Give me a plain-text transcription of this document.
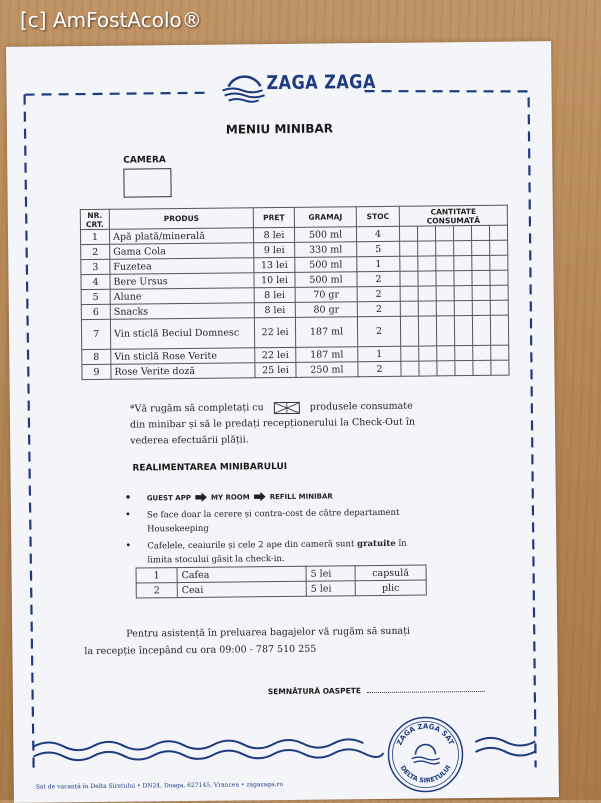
[c] AmFostAcolo®
ZAGA ZAGA
MENIU MINIBAR
CAMERA
NR. CRT.	PRODUS	PREȚ	GRAMAJ	STOC	CANTITATE CONSUMATĂ					
1	Apă plată/minerală	8 lei	500 ml	4						
2	Gama Cola	9 lei	330 ml	5						
3	Fuzetea	13 lei	500 ml	1						
4	Bere Ursus	10 lei	500 ml	2						
5	Alune	8 lei	70 gr	2						
6	Snacks	8 lei	80 gr	2						
7	Vin sticlă Beciul Domnesc	22 lei	187 ml	2						
8	Vin sticlă Rose Verite	22 lei	187 ml	1						
9	Rose Verite doză	25 lei	250 ml	2						
*Vă rugăm să completați cu ☒ produsele consumate din minibar și să le predați recepționerului la Check-Out în vederea efectuării plății.
REALIMENTAREA MINIBARULUI
• GUEST APP ⮕ MY ROOM ⮕ REFILL MINIBAR
• Se face doar la cerere și contra-cost de către departament Housekeeping
• Cafelele, ceaiurile și cele 2 ape din cameră sunt gratuite în limita stocului găsit la check-in.
1	Cafea	5 lei	capsulă
2	Ceai	5 lei	plic
Pentru asistență în preluarea bagajelor vă rugăm să sunați
la recepție începând cu ora 09:00 - 787 510 255
SEMNĂTURĂ OASPETE
ZAGA ZAGA SAT
DELTA SIRETULUI
Sat de vacanță în Delta Siretului • DN24, Doaga, 627145, Vrancea • zagazaga.ro
